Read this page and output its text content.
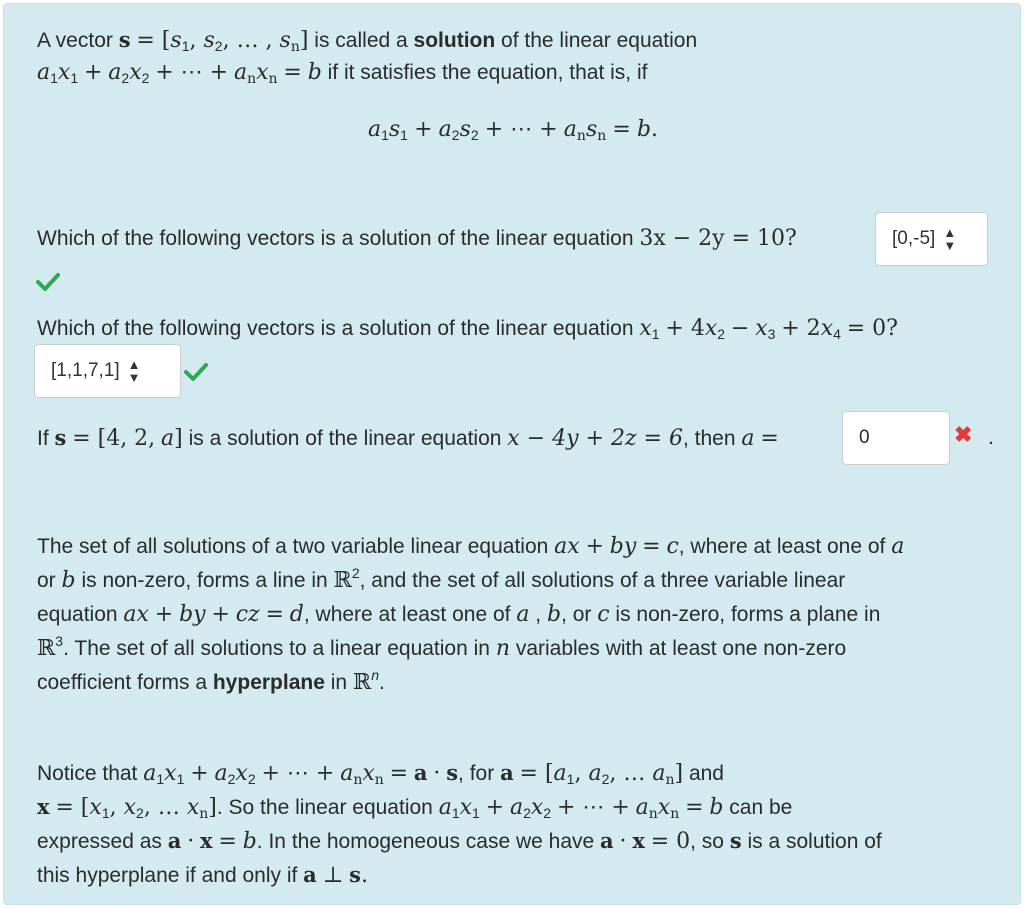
A vector $s = [s_1$, $s_2$, … , $s_n$] is called a solution of the linear equation
$a_1x_1 + a_2x_2$ + ⋯ + $a_nx_n = b$ if it satisfies the equation, that is, if
$a_1s_1 + a_2s_2$ + ⋯ + $a_ns_n = b$.
Which of the following vectors is a solution of the linear equation 3x − 2y = 10?	[0,-5] ▲
▼
Which of the following vectors is a solution of the linear equation $x_1 + 4x_2 - x_3 + 2x_4 = 0$?
[1,1,7,1] ▲
▼
If s = [4, 2, a] is a solution of the linear equation x − 4y + 2z = 6, then a =	0	✖ .
The set of all solutions of a two variable linear equation ax + by = c, where at least one of a
or b is non-zero, forms a line in ℝ$^2$, and the set of all solutions of a three variable linear
equation ax + by + cz = d, where at least one of a , b, or c is non-zero, forms a plane in
ℝ$^3$. The set of all solutions to a linear equation in n variables with at least one non-zero
coefficient forms a hyperplane in ℝ$^n$.
Notice that $a_1x_1 + a_2x_2$ + ⋯ + $a_nx_n = a \cdot s$, for $a = [a_1$, $a_2$, … $a_n$] and
$x = [x_1$, $x_2$, … $x_n$]. So the linear equation $a_1x_1 + a_2x_2$ + ⋯ + $a_nx_n = b$ can be
expressed as a · x = b. In the homogeneous case we have a · x = 0, so s is a solution of
this hyperplane if and only if a ⊥ s.
